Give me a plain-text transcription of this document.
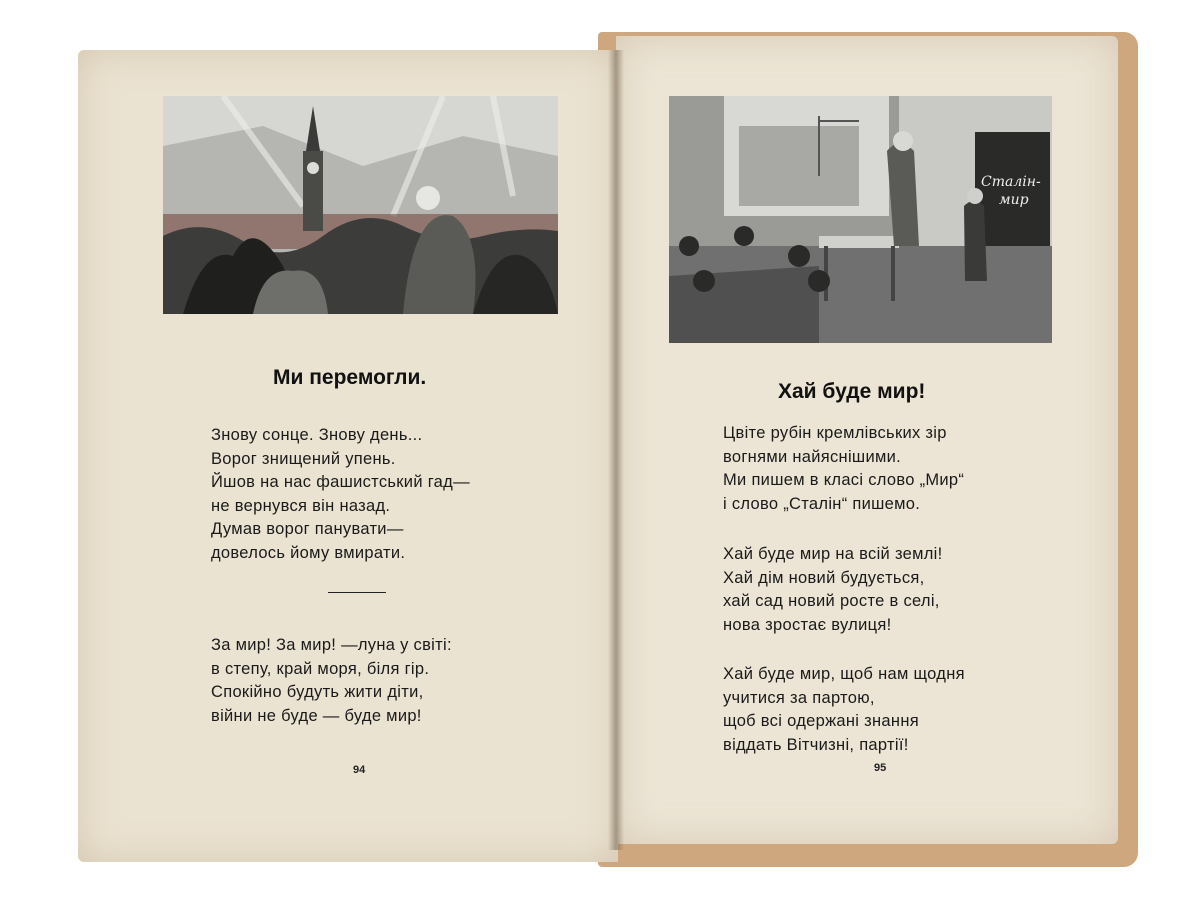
Ми перемогли.
Знову сонце. Знову день...
Ворог знищений упень.
Йшов на нас фашистський гад—
не вернувся він назад.
Думав ворог панувати—
довелось йому вмирати.
За мир! За мир! —луна у світі:
в степу, край моря, біля гір.
Спокійно будуть жити діти,
війни не буде — буде мир!
94
Сталін-
мир
Хай буде мир!
Цвіте рубін кремлівських зір
вогнями найяснішими.
Ми пишем в класі слово „Мир“
і слово „Сталін“ пишемо.
Хай буде мир на всій землі!
Хай дім новий будується,
хай сад новий росте в селі,
нова зростає вулиця!
Хай буде мир, щоб нам щодня
учитися за партою,
щоб всі одержані знання
віддать Вітчизні, партії!
95
